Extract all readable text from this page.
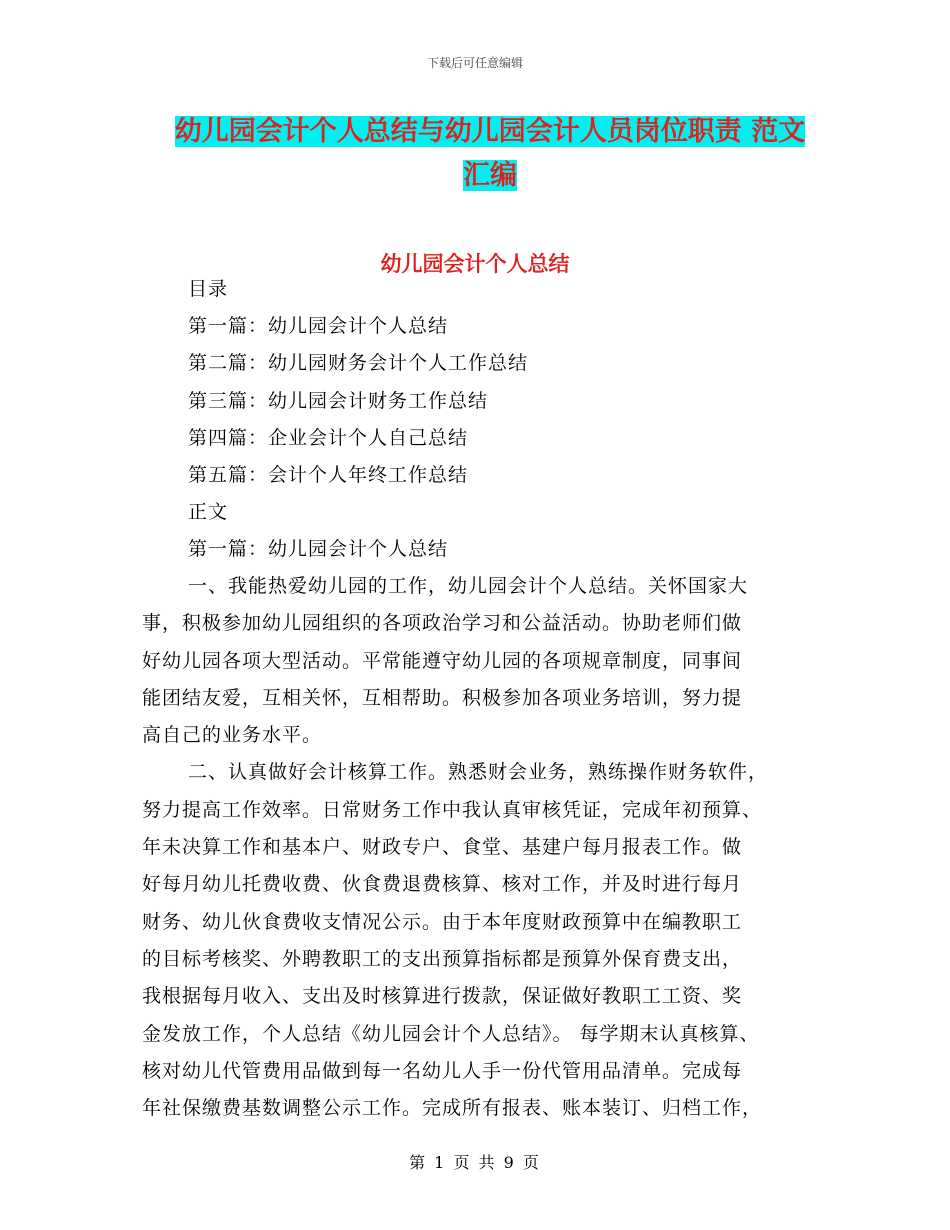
下载后可任意编辑
幼儿园会计个人总结与幼儿园会计人员岗位职责 范文
汇编
幼儿园会计个人总结
目录
第一篇：幼儿园会计个人总结
第二篇：幼儿园财务会计个人工作总结
第三篇：幼儿园会计财务工作总结
第四篇：企业会计个人自己总结
第五篇：会计个人年终工作总结
正文
第一篇：幼儿园会计个人总结

一、我能热爱幼儿园的工作，幼儿园会计个人总结。关怀国家大
事，积极参加幼儿园组织的各项政治学习和公益活动。协助老师们做
好幼儿园各项大型活动。平常能遵守幼儿园的各项规章制度，同事间
能团结友爱，互相关怀，互相帮助。积极参加各项业务培训，努力提
高自己的业务水平。

二、认真做好会计核算工作。熟悉财会业务，熟练操作财务软件，
努力提高工作效率。日常财务工作中我认真审核凭证，完成年初预算、
年未决算工作和基本户、财政专户、食堂、基建户每月报表工作。做
好每月幼儿托费收费、伙食费退费核算、核对工作，并及时进行每月
财务、幼儿伙食费收支情况公示。由于本年度财政预算中在编教职工
的目标考核奖、外聘教职工的支出预算指标都是预算外保育费支出，
我根据每月收入、支出及时核算进行拨款，保证做好教职工工资、奖
金发放工作，个人总结《幼儿园会计个人总结》。 每学期末认真核算、
核对幼儿代管费用品做到每一名幼儿人手一份代管用品清单。完成每
年社保缴费基数调整公示工作。完成所有报表、账本装订、归档工作，

第 1 页 共 9 页
